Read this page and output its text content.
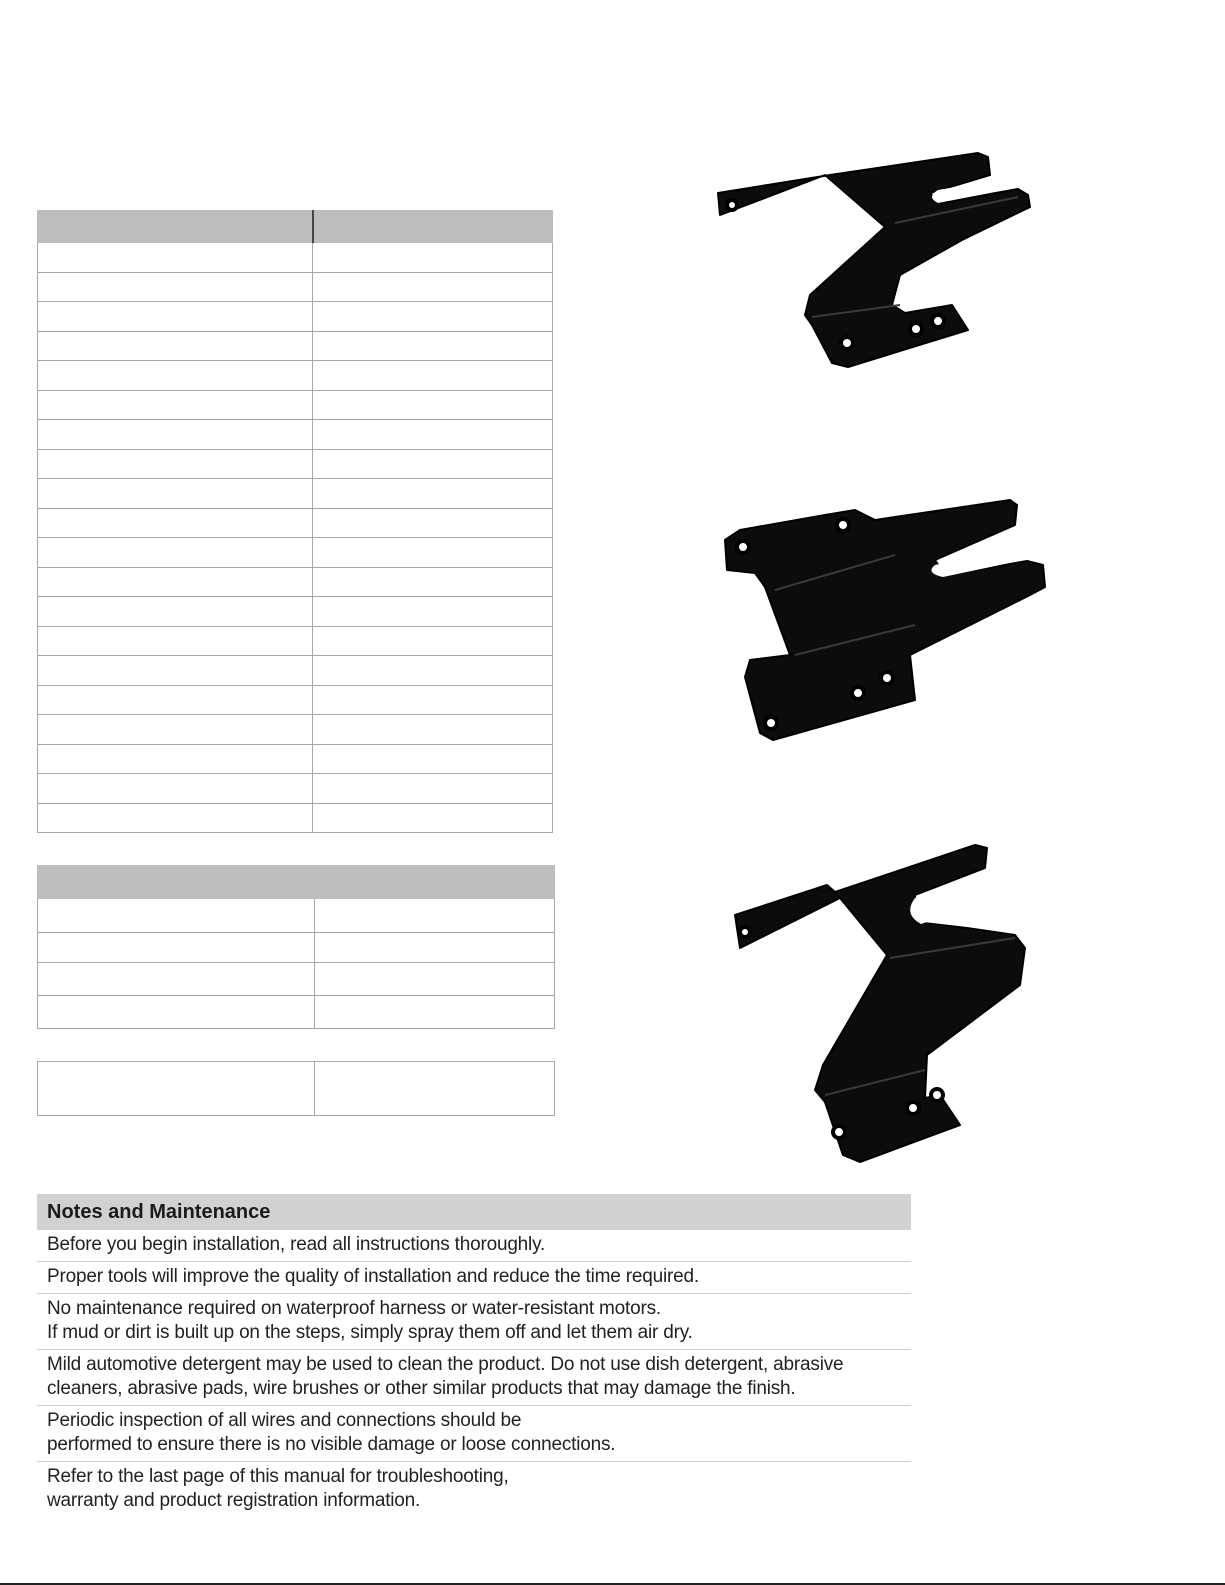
Notes and Maintenance
Before you begin installation, read all instructions thoroughly.
Proper tools will improve the quality of installation and reduce the time required.
No maintenance required on waterproof harness or water-resistant motors.
If mud or dirt is built up on the steps, simply spray them off and let them air dry.
Mild automotive detergent may be used to clean the product. Do not use dish detergent, abrasive
cleaners, abrasive pads, wire brushes or other similar products that may damage the finish.
Periodic inspection of all wires and connections should be
performed to ensure there is no visible damage or loose connections.
Refer to the last page of this manual for troubleshooting,
warranty and product registration information.
